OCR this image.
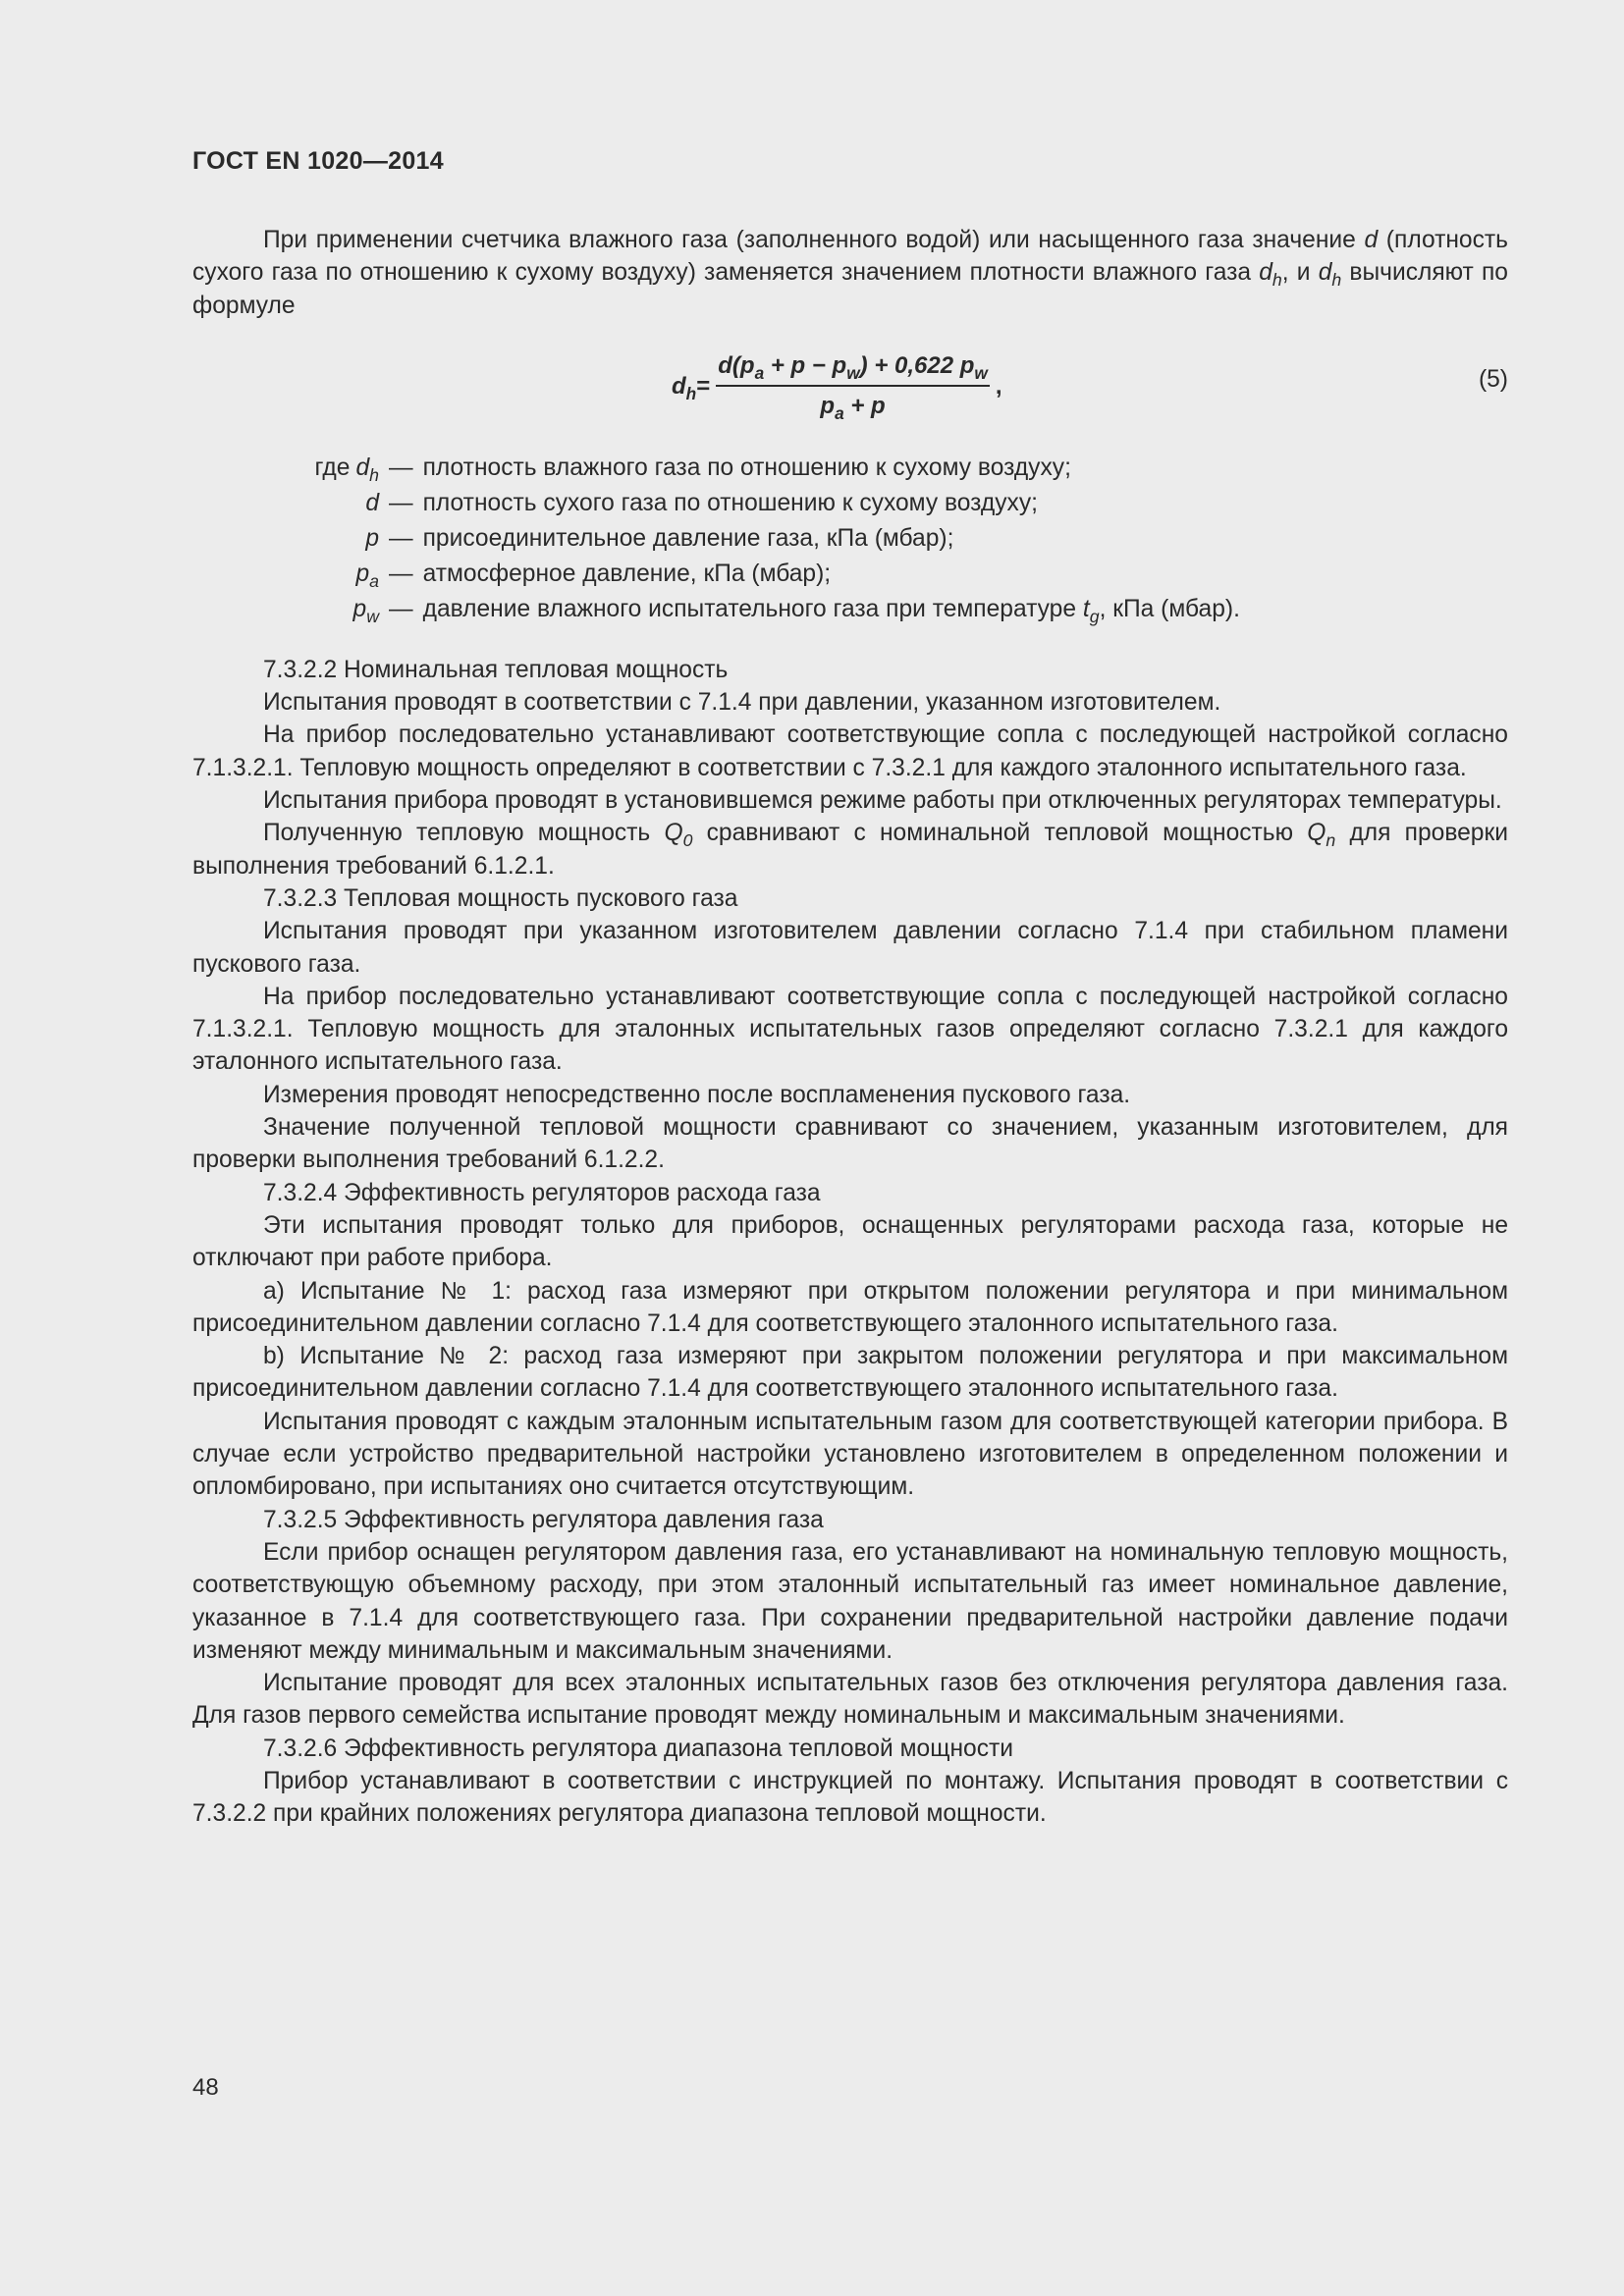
ГОСТ EN 1020—2014

При применении счетчика влажного газа (заполненного водой) или насыщенного газа значение d (плотность сухого газа по отношению к сухому воздуху) заменяется значением плотности влажного газа $d_h$, и $d_h$ вычисляют по формуле

$d_h = \frac{d(p_a + p - p_w) + 0,622 p_w}{p_a + p}$ ,	(5)
где $d_h$ — плотность влажного газа по отношению к сухому воздуху;
d — плотность сухого газа по отношению к сухому воздуху;
p — присоединительное давление газа, кПа (мбар);
$p_a$ — атмосферное давление, кПа (мбар);
$p_w$ — давление влажного испытательного газа при температуре $t_g$, кПа (мбар).

7.3.2.2 Номинальная тепловая мощность

Испытания проводят в соответствии с 7.1.4 при давлении, указанном изготовителем.

На прибор последовательно устанавливают соответствующие сопла с последующей настройкой согласно 7.1.3.2.1. Тепловую мощность определяют в соответствии с 7.3.2.1 для каждого эталонного испытательного газа.

Испытания прибора проводят в установившемся режиме работы при отключенных регуляторах температуры.

Полученную тепловую мощность $Q_0$ сравнивают с номинальной тепловой мощностью $Q_n$ для проверки выполнения требований 6.1.2.1.

7.3.2.3 Тепловая мощность пускового газа

Испытания проводят при указанном изготовителем давлении согласно 7.1.4 при стабильном пламени пускового газа.

На прибор последовательно устанавливают соответствующие сопла с последующей настройкой согласно 7.1.3.2.1. Тепловую мощность для эталонных испытательных газов определяют согласно 7.3.2.1 для каждого эталонного испытательного газа.

Измерения проводят непосредственно после воспламенения пускового газа.

Значение полученной тепловой мощности сравнивают со значением, указанным изготовителем, для проверки выполнения требований 6.1.2.2.

7.3.2.4 Эффективность регуляторов расхода газа

Эти испытания проводят только для приборов, оснащенных регуляторами расхода газа, которые не отключают при работе прибора.

а) Испытание № 1: расход газа измеряют при открытом положении регулятора и при минимальном присоединительном давлении согласно 7.1.4 для соответствующего эталонного испытательного газа.

b) Испытание № 2: расход газа измеряют при закрытом положении регулятора и при максимальном присоединительном давлении согласно 7.1.4 для соответствующего эталонного испытательного газа.

Испытания проводят с каждым эталонным испытательным газом для соответствующей категории прибора. В случае если устройство предварительной настройки установлено изготовителем в определенном положении и опломбировано, при испытаниях оно считается отсутствующим.

7.3.2.5 Эффективность регулятора давления газа

Если прибор оснащен регулятором давления газа, его устанавливают на номинальную тепловую мощность, соответствующую объемному расходу, при этом эталонный испытательный газ имеет номинальное давление, указанное в 7.1.4 для соответствующего газа. При сохранении предварительной настройки давление подачи изменяют между минимальным и максимальным значениями.

Испытание проводят для всех эталонных испытательных газов без отключения регулятора давления газа. Для газов первого семейства испытание проводят между номинальным и максимальным значениями.

7.3.2.6 Эффективность регулятора диапазона тепловой мощности

Прибор устанавливают в соответствии с инструкцией по монтажу. Испытания проводят в соответствии с 7.3.2.2 при крайних положениях регулятора диапазона тепловой мощности.

48
